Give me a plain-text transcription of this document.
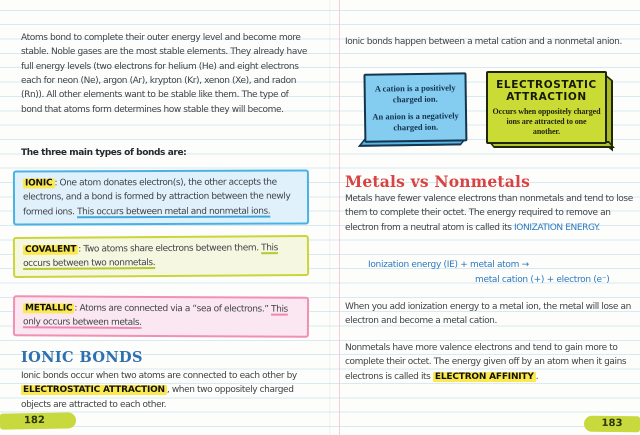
Atoms bond to complete their outer energy level and become more stable. Noble gases are the most stable elements. They already have full energy levels (two electrons for helium (He) and eight electrons each for neon (Ne), argon (Ar), krypton (Kr), xenon (Xe), and radon (Rn)). All other elements want to be stable like them. The type of bond that atoms form determines how stable they will become.
The three main types of bonds are:
IONIC : One atom donates electron(s), the other accepts the electrons, and a bond is formed by attraction between the newly formed ions. This occurs between metal and nonmetal ions.
COVALENT : Two atoms share electrons between them. This occurs between two nonmetals.
METALLIC : Atoms are connected via a “sea of electrons.” This only occurs between metals.
IONIC BONDS
Ionic bonds occur when two atoms are connected to each other by ELECTROSTATIC ATTRACTION , when two oppositely charged objects are attracted to each other.
182
Ionic bonds happen between a metal cation and a nonmetal anion.
A cation is a positively charged ion.
An anion is a negatively charged ion.
ELECTROSTATIC
ATTRACTION
Occurs when oppositely charged ions are attracted to one another.
Metals vs Nonmetals
Metals have fewer valence electrons than nonmetals and tend to lose them to complete their octet. The energy required to remove an electron from a neutral atom is called its IONIZATION ENERGY.
Ionization energy (IE) + metal atom →
metal cation (+) + electron (e⁻)
When you add ionization energy to a metal ion, the metal will lose an electron and become a metal cation.
Nonmetals have more valence electrons and tend to gain more to complete their octet. The energy given off by an atom when it gains electrons is called its ELECTRON AFFINITY .
183
